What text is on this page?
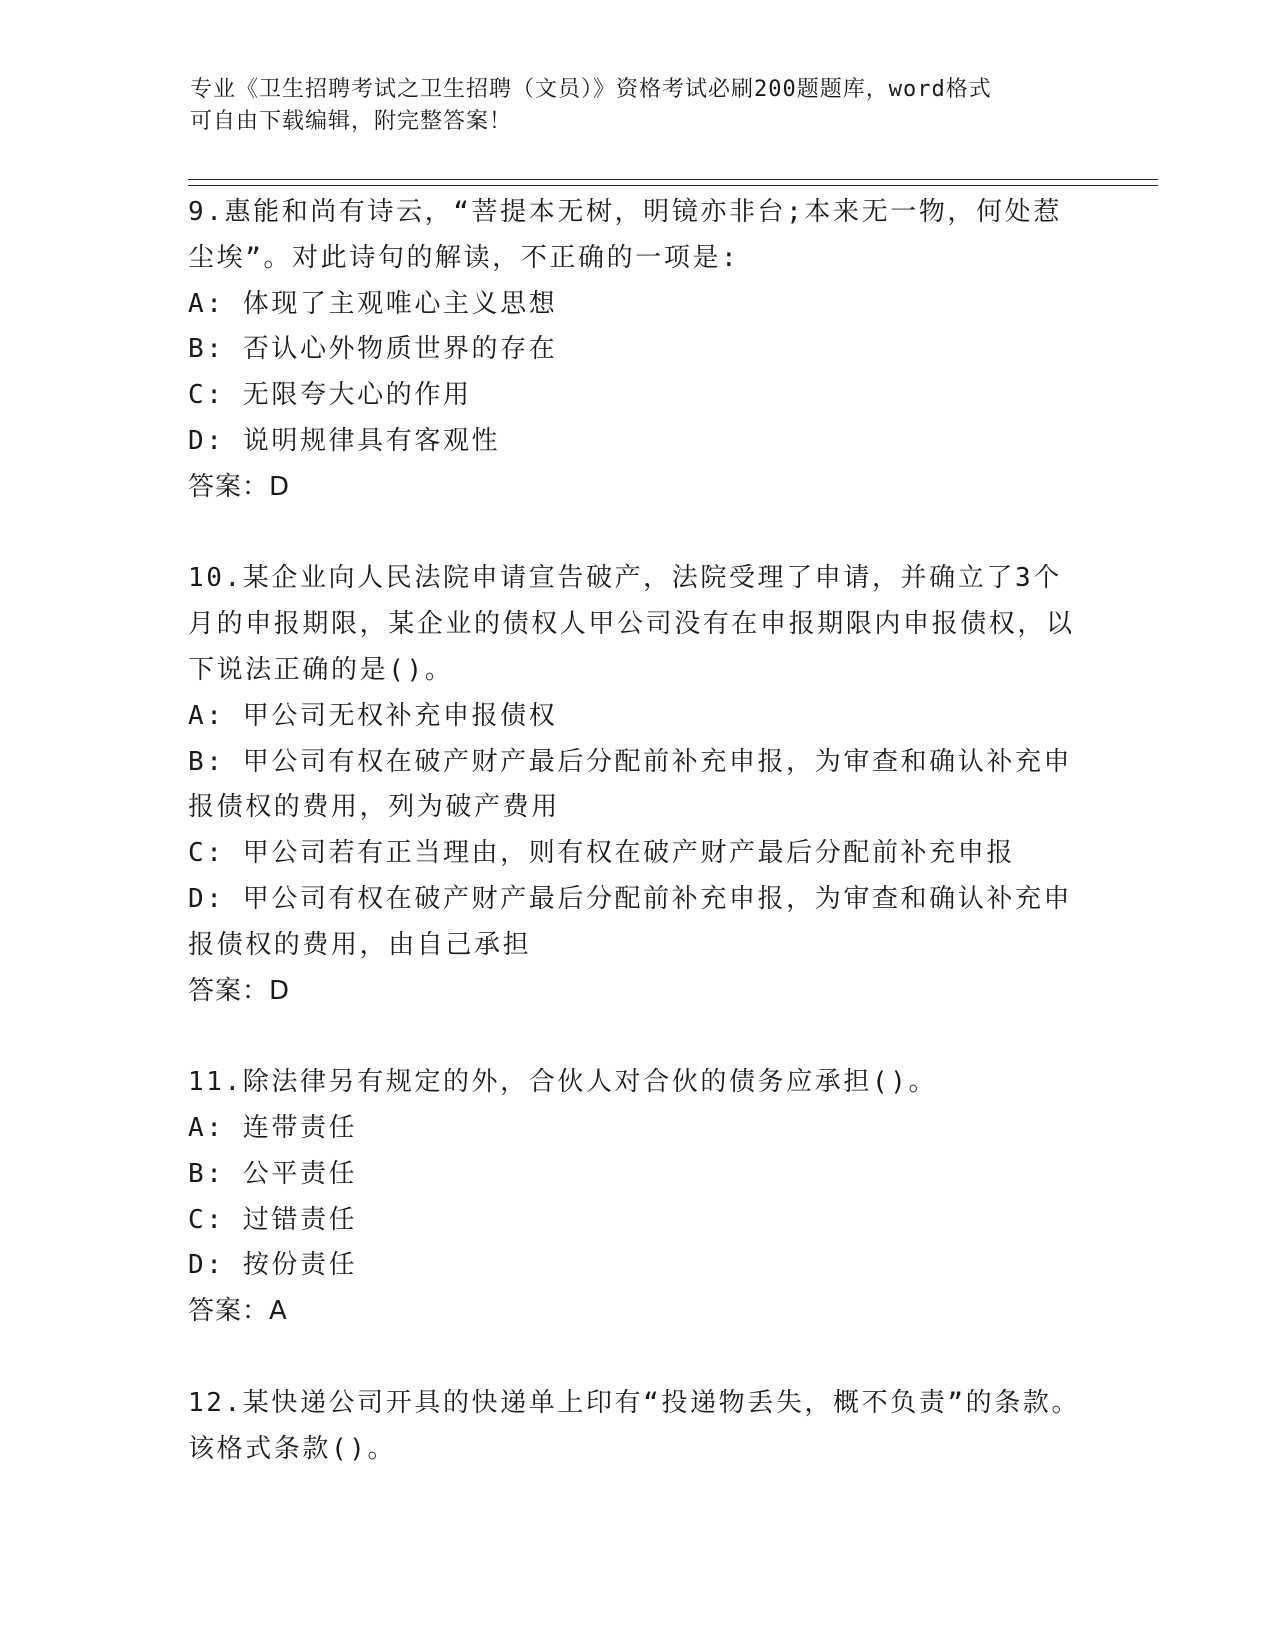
专业《卫生招聘考试之卫生招聘（文员）》资格考试必刷200题题库，word格式
可自由下载编辑，附完整答案！

9.惠能和尚有诗云，“菩提本无树，明镜亦非台;本来无一物，何处惹尘埃”。对此诗句的解读，不正确的一项是:

A: 体现了主观唯心主义思想

B: 否认心外物质世界的存在

C: 无限夸大心的作用

D: 说明规律具有客观性

答案：D

10.某企业向人民法院申请宣告破产，法院受理了申请，并确立了3个月的申报期限，某企业的债权人甲公司没有在申报期限内申报债权，以下说法正确的是()。

A: 甲公司无权补充申报债权

B: 甲公司有权在破产财产最后分配前补充申报，为审查和确认补充申报债权的费用，列为破产费用

C: 甲公司若有正当理由，则有权在破产财产最后分配前补充申报

D: 甲公司有权在破产财产最后分配前补充申报，为审查和确认补充申报债权的费用，由自己承担

答案：D

11.除法律另有规定的外，合伙人对合伙的债务应承担()。

A: 连带责任

B: 公平责任

C: 过错责任

D: 按份责任

答案：A

12.某快递公司开具的快递单上印有“投递物丢失，概不负责”的条款。该格式条款()。
